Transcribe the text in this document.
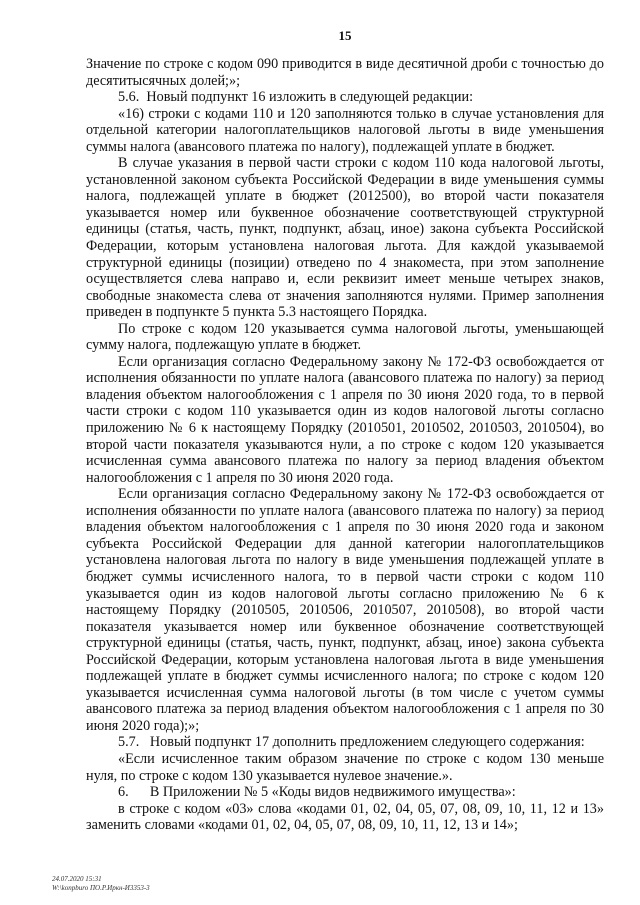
15

Значение по строке с кодом 090 приводится в виде десятичной дроби с точностью до десятитысячных долей;»;

5.6.  Новый подпункт 16 изложить в следующей редакции:

«16) строки с кодами 110 и 120 заполняются только в случае установления для отдельной категории налогоплательщиков налоговой льготы в виде уменьшения суммы налога (авансового платежа по налогу), подлежащей уплате в бюджет.

В случае указания в первой части строки с кодом 110 кода налоговой льготы, установленной законом субъекта Российской Федерации в виде уменьшения суммы налога, подлежащей уплате в бюджет (2012500), во второй части показателя указывается номер или буквенное обозначение соответствующей структурной единицы (статья, часть, пункт, подпункт, абзац, иное) закона субъекта Российской Федерации, которым установлена налоговая льгота. Для каждой указываемой структурной единицы (позиции) отведено по 4 знакоместа, при этом заполнение осуществляется слева направо и, если реквизит имеет меньше четырех знаков, свободные знакоместа слева от значения заполняются нулями. Пример заполнения приведен в подпункте 5 пункта 5.3 настоящего Порядка.

По строке с кодом 120 указывается сумма налоговой льготы, уменьшающей сумму налога, подлежащую уплате в бюджет.

Если организация согласно Федеральному закону № 172-ФЗ освобождается от исполнения обязанности по уплате налога (авансового платежа по налогу) за период владения объектом налогообложения с 1 апреля по 30 июня 2020 года, то в первой части строки с кодом 110 указывается один из кодов налоговой льготы согласно приложению № 6 к настоящему Порядку (2010501, 2010502, 2010503, 2010504), во второй части показателя указываются нули, а по строке с кодом 120 указывается исчисленная сумма авансового платежа по налогу за период владения объектом налогообложения с 1 апреля по 30 июня 2020 года.

Если организация согласно Федеральному закону № 172-ФЗ освобождается от исполнения обязанности по уплате налога (авансового платежа по налогу) за период владения объектом налогообложения с 1 апреля по 30 июня 2020 года и законом субъекта Российской Федерации для данной категории налогоплательщиков установлена налоговая льгота по налогу в виде уменьшения подлежащей уплате в бюджет суммы исчисленного налога, то в первой части строки с кодом 110 указывается один из кодов налоговой льготы согласно приложению № 6 к настоящему Порядку (2010505, 2010506, 2010507, 2010508), во второй части показателя указывается номер или буквенное обозначение соответствующей структурной единицы (статья, часть, пункт, подпункт, абзац, иное) закона субъекта Российской Федерации, которым установлена налоговая льгота в виде уменьшения подлежащей уплате в бюджет суммы исчисленного налога; по строке с кодом 120 указывается исчисленная сумма налоговой льготы (в том числе с учетом суммы авансового платежа за период владения объектом налогообложения с 1 апреля по 30 июня 2020 года);»;

5.7.   Новый подпункт 17 дополнить предложением следующего содержания:

«Если исчисленное таким образом значение по строке с кодом 130 меньше нуля, по строке с кодом 130 указывается нулевое значение.».

6.      В Приложении № 5 «Коды видов недвижимого имущества»:

в строке с кодом «03» слова «кодами 01, 02, 04, 05, 07, 08, 09, 10, 11, 12 и 13» заменить словами «кодами 01, 02, 04, 05, 07, 08, 09, 10, 11, 12, 13 и 14»;

24.07.2020 15:31
W:\konpburo ПО.Р.Иркн-И3353-3
